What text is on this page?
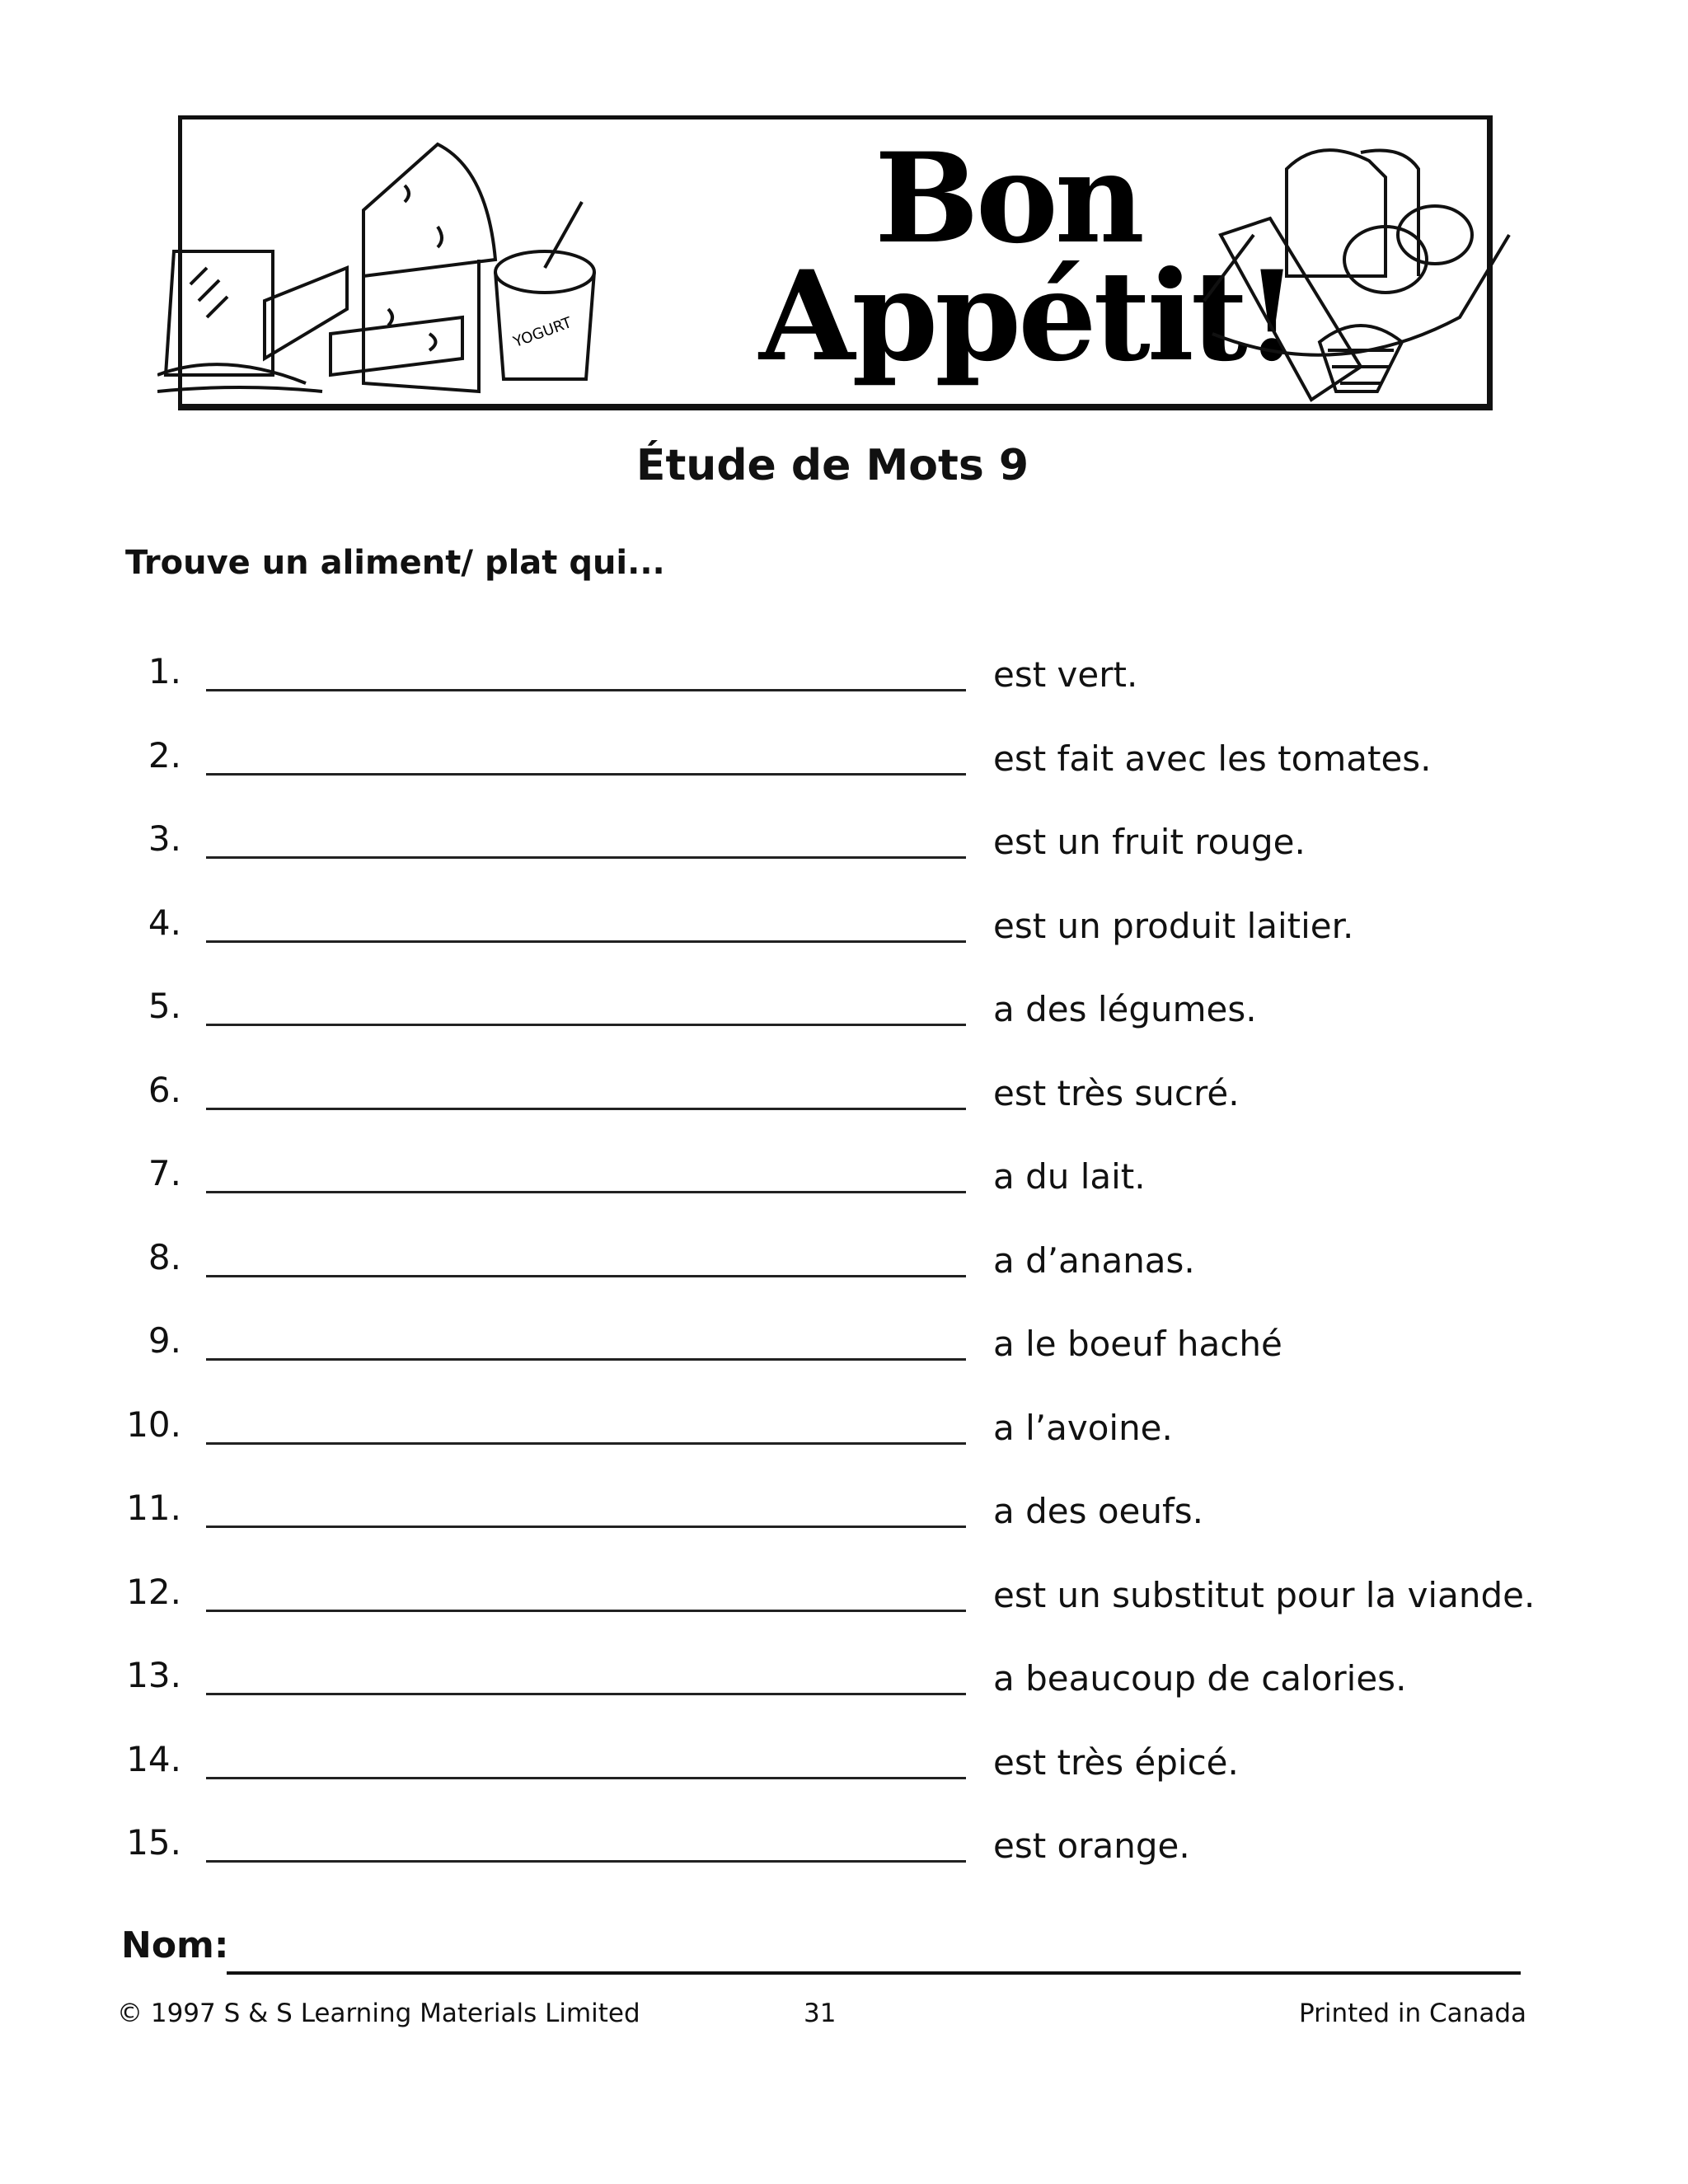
YOGURT
Bon
Appétit!
Étude de Mots 9
Trouve un aliment/ plat qui...
1.	est vert.
2.	est fait avec les tomates.
3.	est un fruit rouge.
4.	est un produit laitier.
5.	a des légumes.
6.	est très sucré.
7.	a du lait.
8.	a d’ananas.
9.	a le boeuf haché
10.	a l’avoine.
11.	a des oeufs.
12.	est un substitut pour la viande.
13.	a beaucoup de calories.
14.	est très épicé.
15.	est orange.
Nom:
© 1997 S & S Learning Materials Limited	31	Printed in Canada
